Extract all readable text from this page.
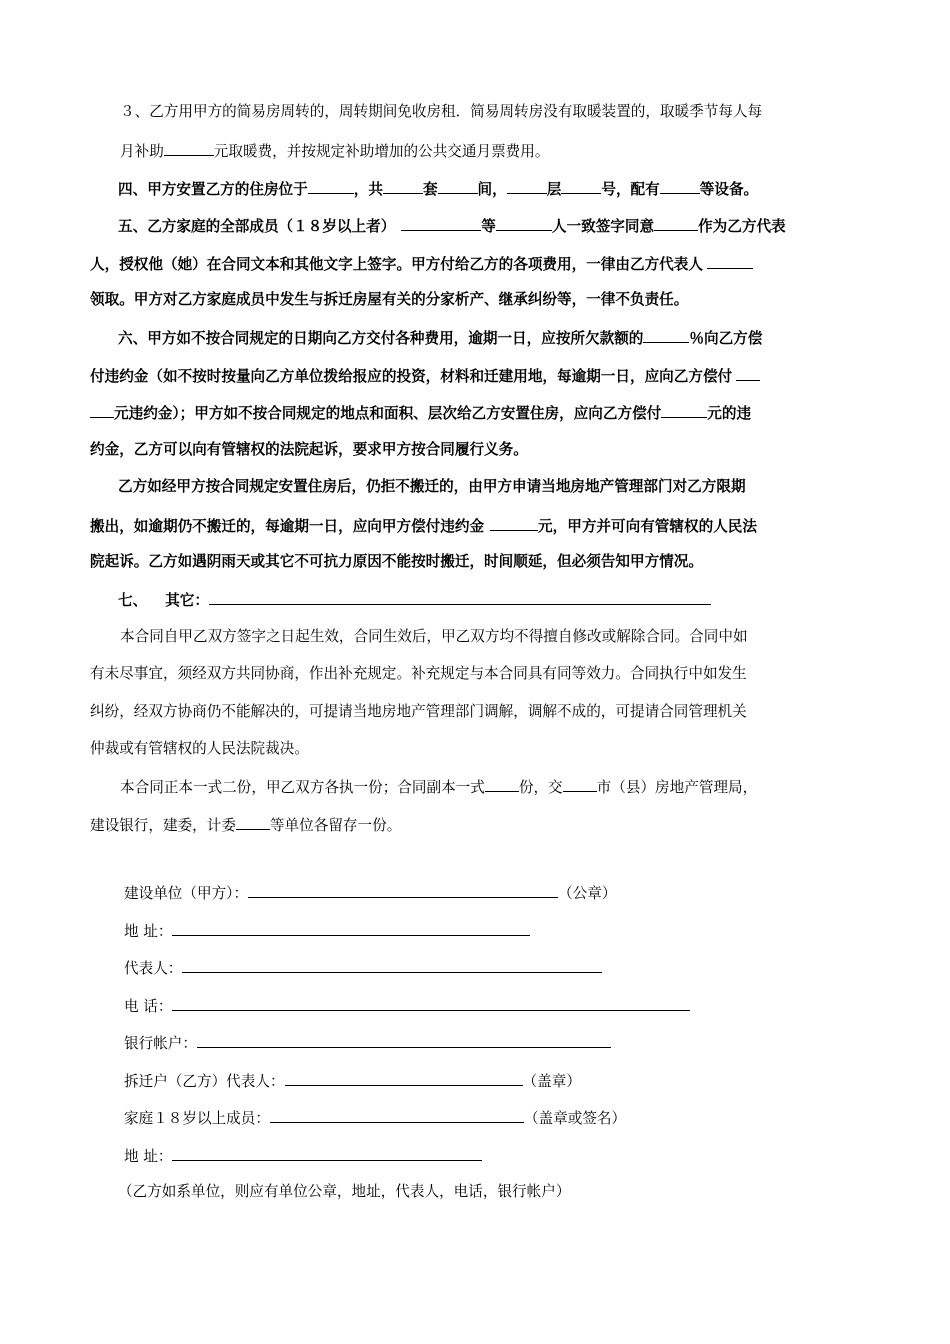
３、乙方用甲方的简易房周转的，周转期间免收房租．简易周转房没有取暖装置的，取暖季节每人每
月补助	元取暖费，并按规定补助增加的公共交通月票费用。
四、甲方安置乙方的住房位于	，共	套	间，	层	号，配有	等设备。
五、乙方家庭的全部成员（１８岁以上者）	等	人一致签字同意	作为乙方代表
人，授权他（她）在合同文本和其他文字上签字。甲方付给乙方的各项费用，一律由乙方代表人
领取。甲方对乙方家庭成员中发生与拆迁房屋有关的分家析产、继承纠纷等，一律不负责任。
六、甲方如不按合同规定的日期向乙方交付各种费用，逾期一日，应按所欠款额的	％向乙方偿
付违约金（如不按时按量向乙方单位拨给报应的投资，材料和迁建用地，每逾期一日，应向乙方偿付
元违约金）；甲方如不按合同规定的地点和面积、层次给乙方安置住房，应向乙方偿付	元的违
约金，乙方可以向有管辖权的法院起诉，要求甲方按合同履行义务。
乙方如经甲方按合同规定安置住房后，仍拒不搬迁的，由甲方申请当地房地产管理部门对乙方限期
搬出，如逾期仍不搬迁的，每逾期一日，应向甲方偿付违约金	元，甲方并可向有管辖权的人民法
院起诉。乙方如遇阴雨天或其它不可抗力原因不能按时搬迁，时间顺延，但必须告知甲方情况。
七、 其它：
本合同自甲乙双方签字之日起生效，合同生效后，甲乙双方均不得擅自修改或解除合同。合同中如
有未尽事宜，须经双方共同协商，作出补充规定。补充规定与本合同具有同等效力。合同执行中如发生
纠纷，经双方协商仍不能解决的，可提请当地房地产管理部门调解，调解不成的，可提请合同管理机关
仲裁或有管辖权的人民法院裁决。
本合同正本一式二份，甲乙双方各执一份；合同副本一式 份，交 市（县）房地产管理局，
建设银行，建委，计委 等单位各留存一份。
建设单位（甲方）：	（公章）
地 址：
代表人：
电 话：
银行帐户：
拆迁户（乙方）代表人：	（盖章）
家庭１８岁以上成员：	（盖章或签名）
地 址：
（乙方如系单位，则应有单位公章，地址，代表人，电话，银行帐户）
